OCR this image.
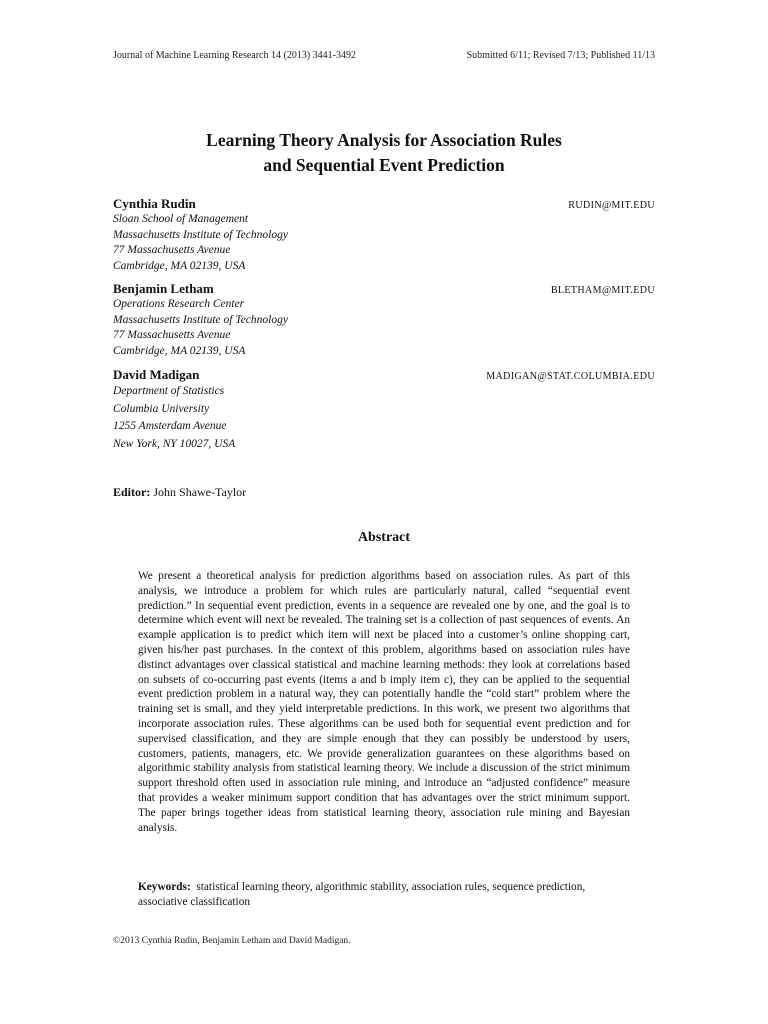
Journal of Machine Learning Research 14 (2013) 3441-3492	Submitted 6/11; Revised 7/13; Published 11/13
Learning Theory Analysis for Association Rules
and Sequential Event Prediction
Cynthia Rudin	RUDIN@MIT.EDU
Sloan School of Management
Massachusetts Institute of Technology
77 Massachusetts Avenue
Cambridge, MA 02139, USA
Benjamin Letham	BLETHAM@MIT.EDU
Operations Research Center
Massachusetts Institute of Technology
77 Massachusetts Avenue
Cambridge, MA 02139, USA
David Madigan	MADIGAN@STAT.COLUMBIA.EDU
Department of Statistics
Columbia University
1255 Amsterdam Avenue
New York, NY 10027, USA
Editor: John Shawe-Taylor
Abstract
We present a theoretical analysis for prediction algorithms based on association rules. As part of this analysis, we introduce a problem for which rules are particularly natural, called “sequential event prediction.” In sequential event prediction, events in a sequence are revealed one by one, and the goal is to determine which event will next be revealed. The training set is a collection of past sequences of events. An example application is to predict which item will next be placed into a customer’s online shopping cart, given his/her past purchases. In the context of this problem, algorithms based on association rules have distinct advantages over classical statistical and machine learning methods: they look at correlations based on subsets of co-occurring past events (items a and b imply item c), they can be applied to the sequential event prediction problem in a natural way, they can potentially handle the “cold start” problem where the training set is small, and they yield interpretable predictions. In this work, we present two algorithms that incorporate association rules. These algorithms can be used both for sequential event prediction and for supervised classification, and they are simple enough that they can possibly be understood by users, customers, patients, managers, etc. We provide generalization guarantees on these algorithms based on algorithmic stability analysis from statistical learning theory. We include a discussion of the strict minimum support threshold often used in association rule mining, and introduce an “adjusted confidence” measure that provides a weaker minimum support condition that has advantages over the strict minimum support. The paper brings together ideas from statistical learning theory, association rule mining and Bayesian analysis.
Keywords: statistical learning theory, algorithmic stability, association rules, sequence prediction, associative classification
©2013 Cynthia Rudin, Benjamin Letham and David Madigan.
